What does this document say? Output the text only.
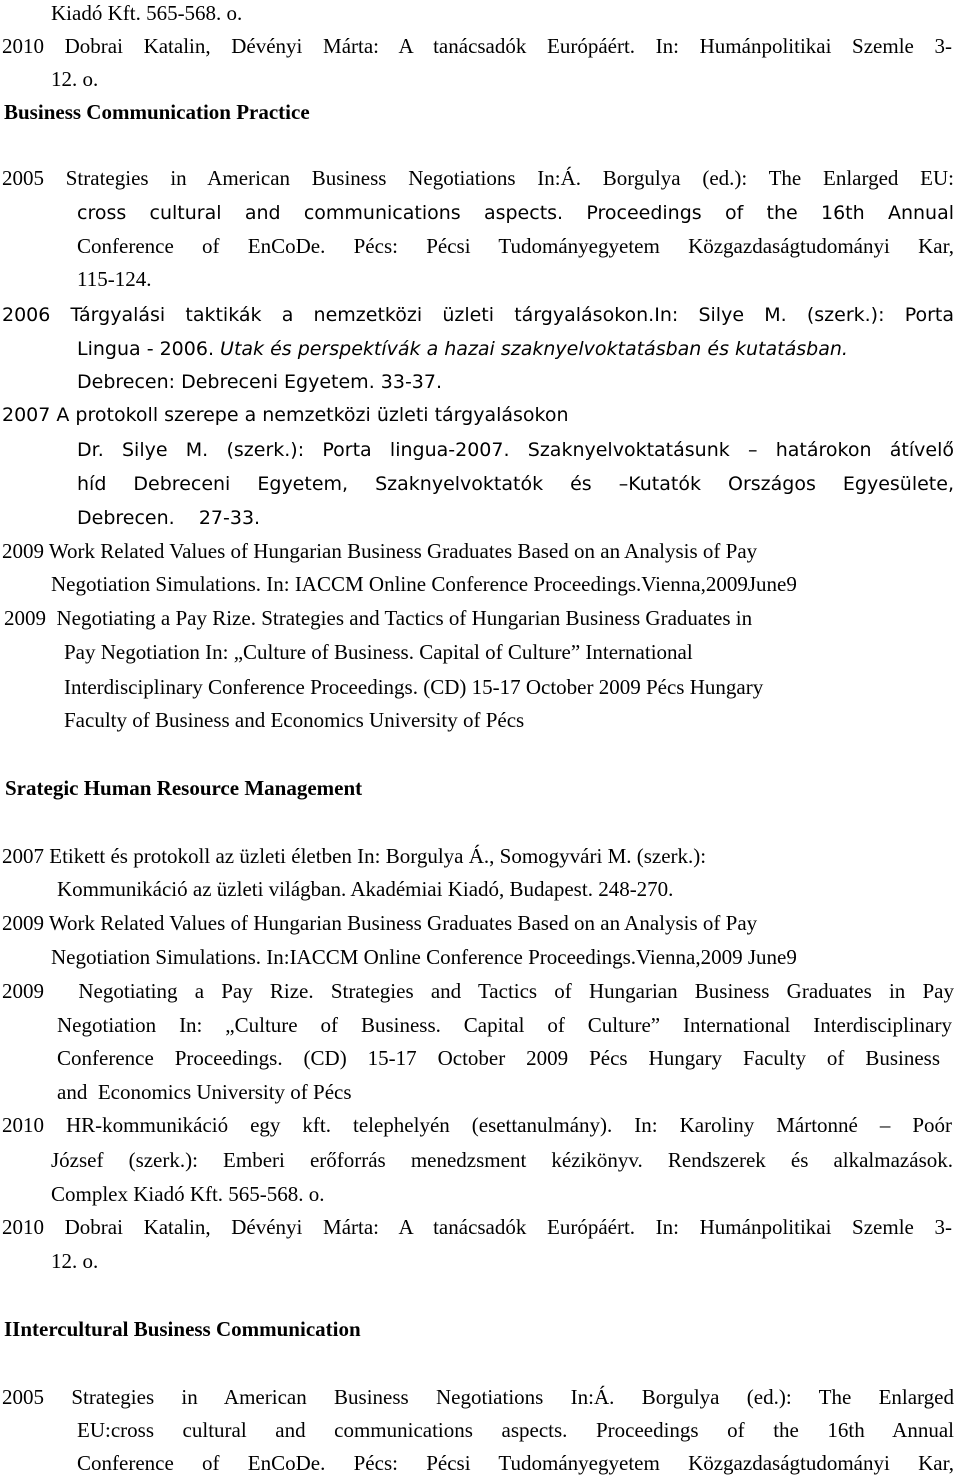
Kiadó Kft. 565-568. o.
2010 Dobrai Katalin, Dévényi Márta: A tanácsadók Európáért. In: Humánpolitikai Szemle 3-
12. o.
Business Communication Practice
2005 Strategies in American Business Negotiations In:Á. Borgulya (ed.): The Enlarged EU:
cross cultural and communications aspects. Proceedings of the 16th Annual
Conference of EnCoDe. Pécs: Pécsi Tudományegyetem Közgazdaságtudományi Kar,
115-124.
2006 Tárgyalási taktikák a nemzetközi üzleti tárgyalásokon.In: Silye M. (szerk.): Porta
Lingua - 2006. Utak és perspektívák a hazai szaknyelvoktatásban és kutatásban.
Debrecen: Debreceni Egyetem. 33-37.
2007 A protokoll szerepe a nemzetközi üzleti tárgyalásokon
Dr. Silye M. (szerk.): Porta lingua-2007. Szaknyelvoktatásunk – határokon átívelő
híd Debreceni Egyetem, Szaknyelvoktatók és –Kutatók Országos Egyesülete,
Debrecen.    27-33.
2009 Work Related Values of Hungarian Business Graduates Based on an Analysis of Pay
Negotiation Simulations. In: IACCM Online Conference Proceedings.Vienna,2009June9
2009  Negotiating a Pay Rize. Strategies and Tactics of Hungarian Business Graduates in
Pay Negotiation In: „Culture of Business. Capital of Culture” International
Interdisciplinary Conference Proceedings. (CD) 15-17 October 2009 Pécs Hungary
Faculty of Business and Economics University of Pécs
Srategic Human Resource Management
2007 Etikett és protokoll az üzleti életben In: Borgulya Á., Somogyvári M. (szerk.):
Kommunikáció az üzleti világban. Akadémiai Kiadó, Budapest. 248-270.
2009 Work Related Values of Hungarian Business Graduates Based on an Analysis of Pay
Negotiation Simulations. In:IACCM Online Conference Proceedings.Vienna,2009 June9
2009  Negotiating a Pay Rize. Strategies and Tactics of Hungarian Business Graduates in Pay
Negotiation In: „Culture of Business. Capital of Culture” International Interdisciplinary
Conference Proceedings. (CD) 15-17 October 2009 Pécs Hungary Faculty of Business
and  Economics University of Pécs
2010 HR-kommunikáció egy kft. telephelyén (esettanulmány). In: Karoliny Mártonné – Poór
József (szerk.): Emberi erőforrás menedzsment kézikönyv. Rendszerek és alkalmazások.
Complex Kiadó Kft. 565-568. o.
2010 Dobrai Katalin, Dévényi Márta: A tanácsadók Európáért. In: Humánpolitikai Szemle 3-
12. o.
IIntercultural Business Communication
2005  Strategies  in  American  Business  Negotiations  In:Á.  Borgulya  (ed.):  The  Enlarged
EU:cross cultural and communications aspects. Proceedings of the 16th Annual
Conference of EnCoDe. Pécs: Pécsi Tudományegyetem Közgazdaságtudományi Kar,
